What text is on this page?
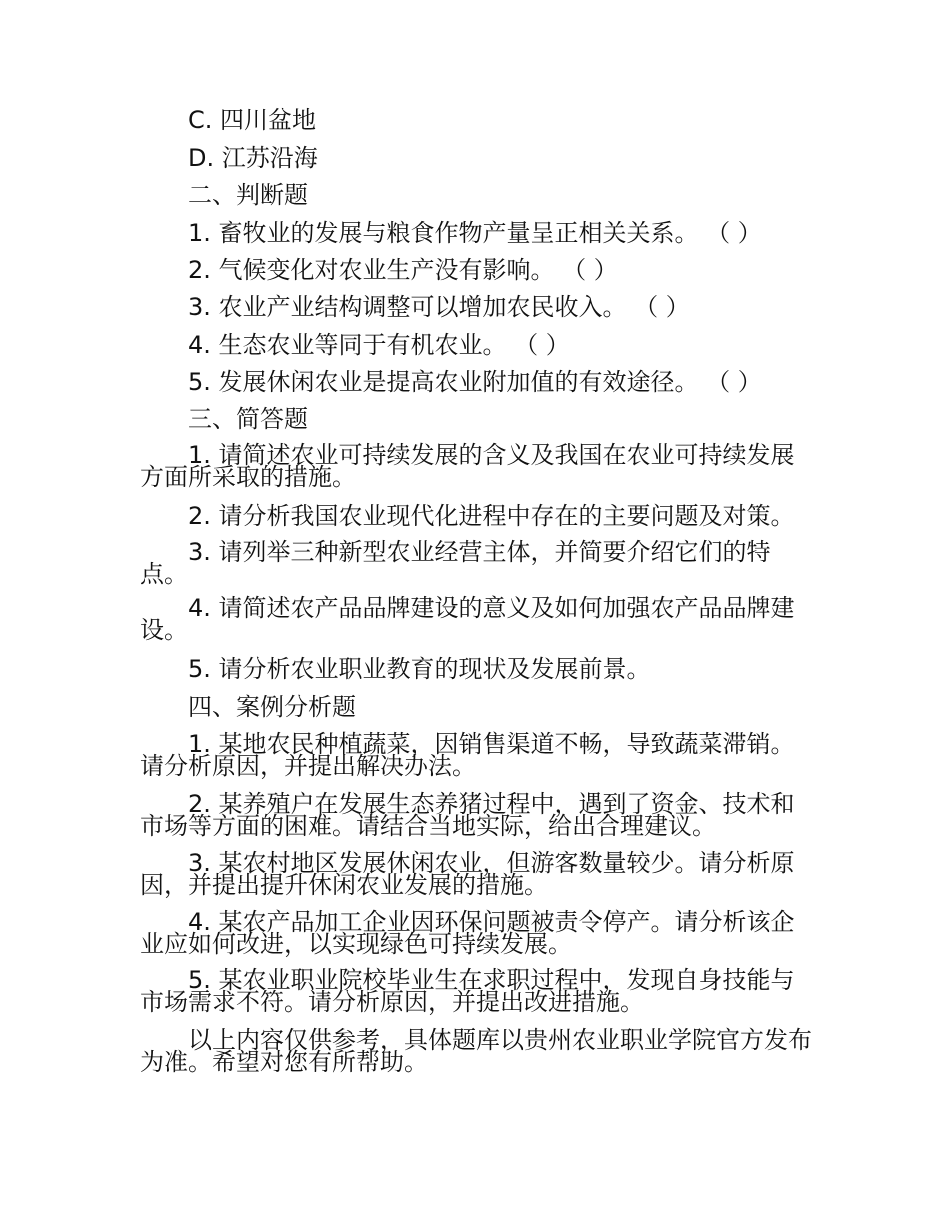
C. 四川盆地
D. 江苏沿海
二、判断题
1. 畜牧业的发展与粮食作物产量呈正相关关系。 （ ）
2. 气候变化对农业生产没有影响。 （ ）
3. 农业产业结构调整可以增加农民收入。 （ ）
4. 生态农业等同于有机农业。 （ ）
5. 发展休闲农业是提高农业附加值的有效途径。 （ ）
三、简答题
1. 请简述农业可持续发展的含义及我国在农业可持续发展方面所采取的措施。
2. 请分析我国农业现代化进程中存在的主要问题及对策。
3. 请列举三种新型农业经营主体，并简要介绍它们的特点。
4. 请简述农产品品牌建设的意义及如何加强农产品品牌建设。
5. 请分析农业职业教育的现状及发展前景。
四、案例分析题
1. 某地农民种植蔬菜，因销售渠道不畅，导致蔬菜滞销。请分析原因，并提出解决办法。
2. 某养殖户在发展生态养猪过程中，遇到了资金、技术和市场等方面的困难。请结合当地实际，给出合理建议。
3. 某农村地区发展休闲农业，但游客数量较少。请分析原因，并提出提升休闲农业发展的措施。
4. 某农产品加工企业因环保问题被责令停产。请分析该企业应如何改进，以实现绿色可持续发展。
5. 某农业职业院校毕业生在求职过程中，发现自身技能与市场需求不符。请分析原因，并提出改进措施。
以上内容仅供参考，具体题库以贵州农业职业学院官方发布为准。希望对您有所帮助。
